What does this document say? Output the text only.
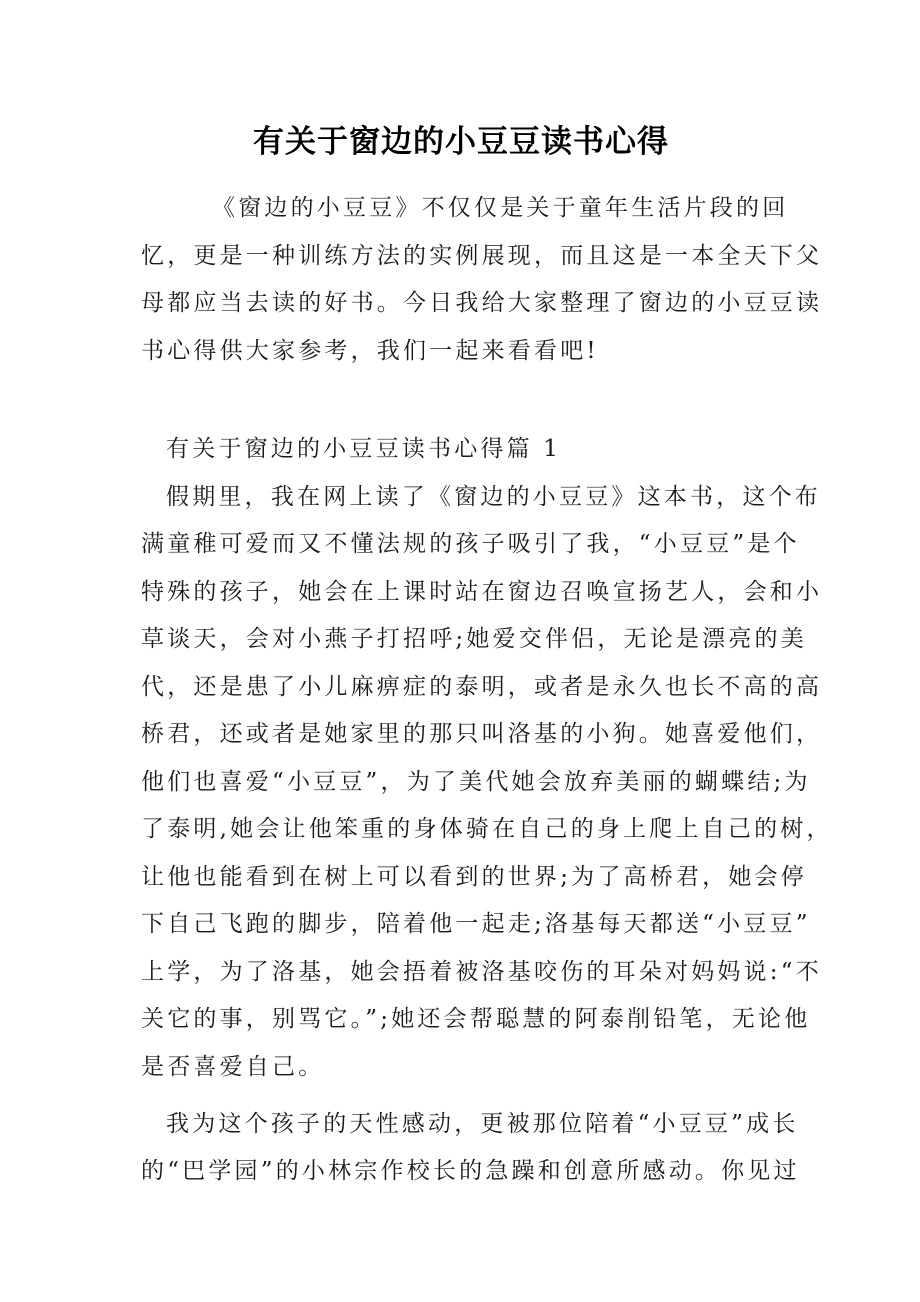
有关于窗边的小豆豆读书心得
《窗边的小豆豆》不仅仅是关于童年生活片段的回
忆，更是一种训练方法的实例展现，而且这是一本全天下父
母都应当去读的好书。今日我给大家整理了窗边的小豆豆读
书心得供大家参考，我们一起来看看吧!
有关于窗边的小豆豆读书心得篇 1
假期里，我在网上读了《窗边的小豆豆》这本书，这个布
满童稚可爱而又不懂法规的孩子吸引了我，“小豆豆”是个
特殊的孩子，她会在上课时站在窗边召唤宣扬艺人，会和小
草谈天，会对小燕子打招呼;她爱交伴侣，无论是漂亮的美
代，还是患了小儿麻痹症的泰明，或者是永久也长不高的高
桥君，还或者是她家里的那只叫洛基的小狗。她喜爱他们，
他们也喜爱“小豆豆”，为了美代她会放弃美丽的蝴蝶结;为
了泰明,她会让他笨重的身体骑在自己的身上爬上自己的树，
让他也能看到在树上可以看到的世界;为了高桥君，她会停
下自己飞跑的脚步，陪着他一起走;洛基每天都送“小豆豆”
上学，为了洛基，她会捂着被洛基咬伤的耳朵对妈妈说:“不
关它的事，别骂它。”;她还会帮聪慧的阿泰削铅笔，无论他
是否喜爱自己。
我为这个孩子的天性感动，更被那位陪着“小豆豆”成长
的“巴学园”的小林宗作校长的急躁和创意所感动。你见过
